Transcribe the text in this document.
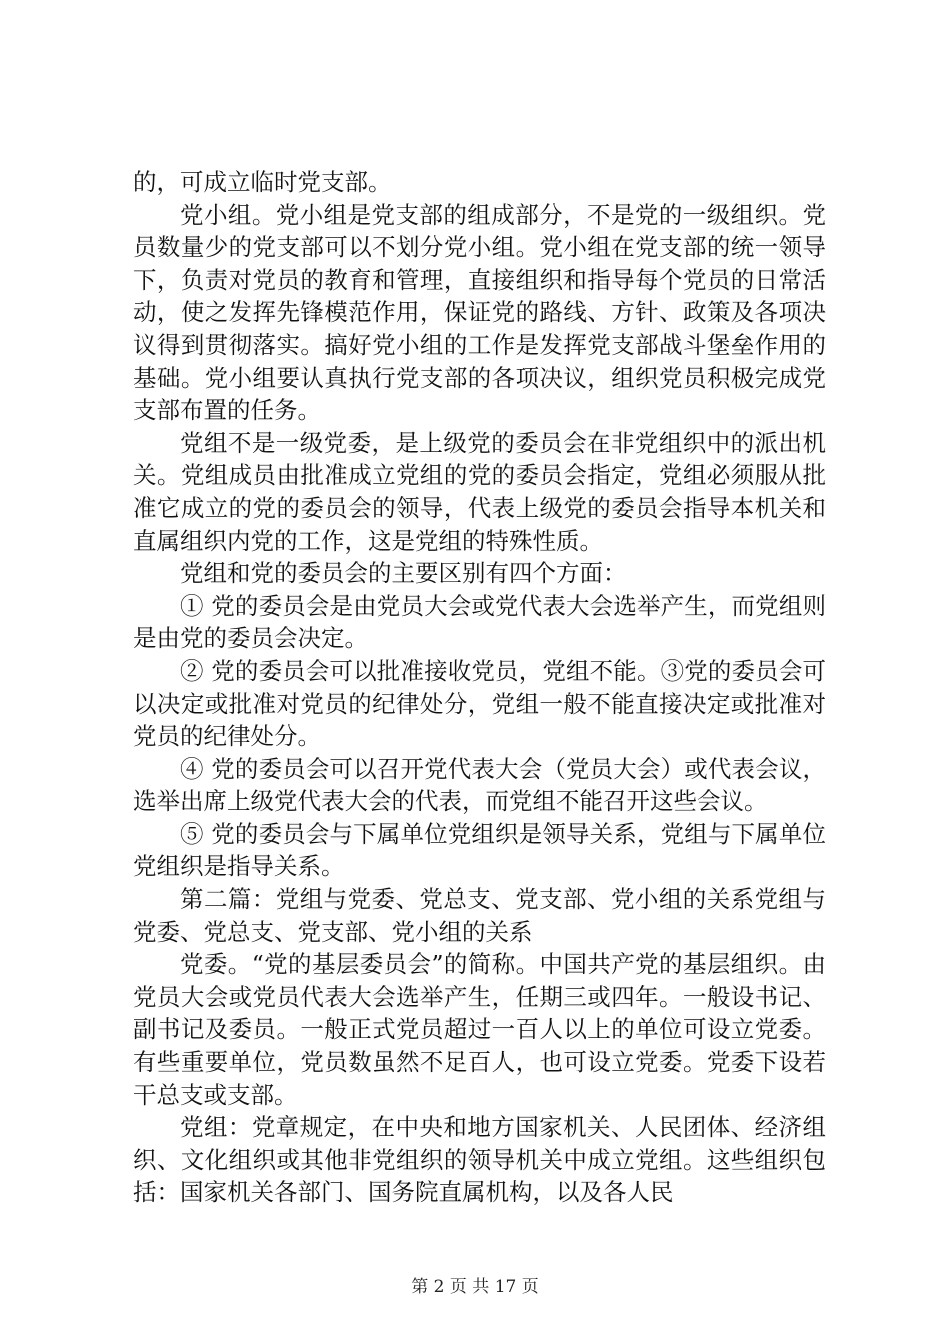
的，可成立临时党支部。

党小组。党小组是党支部的组成部分，不是党的一级组织。党员数量少的党支部可以不划分党小组。党小组在党支部的统一领导下，负责对党员的教育和管理，直接组织和指导每个党员的日常活动，使之发挥先锋模范作用，保证党的路线、方针、政策及各项决议得到贯彻落实。搞好党小组的工作是发挥党支部战斗堡垒作用的基础。党小组要认真执行党支部的各项决议，组织党员积极完成党支部布置的任务。

党组不是一级党委，是上级党的委员会在非党组织中的派出机关。党组成员由批准成立党组的党的委员会指定，党组必须服从批准它成立的党的委员会的领导，代表上级党的委员会指导本机关和直属组织内党的工作，这是党组的特殊性质。

党组和党的委员会的主要区别有四个方面：

① 党的委员会是由党员大会或党代表大会选举产生，而党组则是由党的委员会决定。

② 党的委员会可以批准接收党员，党组不能。③党的委员会可以决定或批准对党员的纪律处分，党组一般不能直接决定或批准对党员的纪律处分。

④ 党的委员会可以召开党代表大会（党员大会）或代表会议，选举出席上级党代表大会的代表，而党组不能召开这些会议。

⑤ 党的委员会与下属单位党组织是领导关系，党组与下属单位党组织是指导关系。

第二篇：党组与党委、党总支、党支部、党小组的关系党组与党委、党总支、党支部、党小组的关系

党委。“党的基层委员会”的简称。中国共产党的基层组织。由党员大会或党员代表大会选举产生，任期三或四年。一般设书记、副书记及委员。一般正式党员超过一百人以上的单位可设立党委。有些重要单位，党员数虽然不足百人，也可设立党委。党委下设若干总支或支部。

党组：党章规定，在中央和地方国家机关、人民团体、经济组织、文化组织或其他非党组织的领导机关中成立党组。这些组织包括：国家机关各部门、国务院直属机构，以及各人民

第 2 页 共 17 页
